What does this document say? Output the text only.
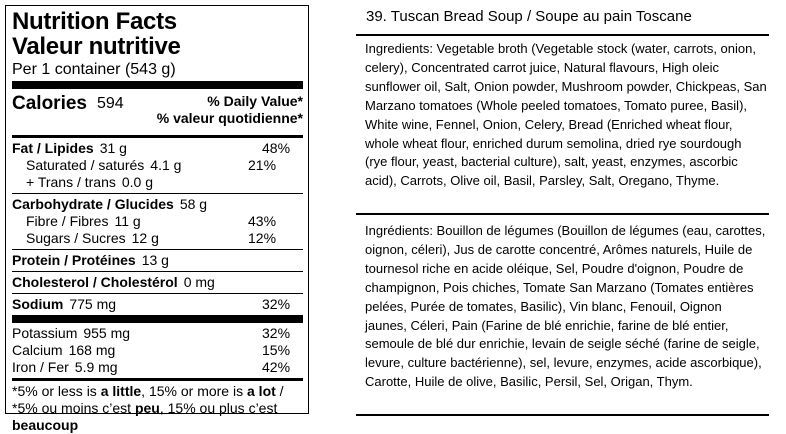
Nutrition Facts
Valeur nutritive
Per 1 container (543 g)
Calories 594	% Daily Value*
% valeur quotidienne*
Fat / Lipides 31 g	48%
Saturated / saturés 4.1 g	21%
+ Trans / trans 0.0 g
Carbohydrate / Glucides 58 g
Fibre / Fibres 11 g	43%
Sugars / Sucres 12 g	12%
Protein / Protéines 13 g
Cholesterol / Cholestérol 0 mg
Sodium 775 mg	32%
Potassium 955 mg	32%
Calcium 168 mg	15%
Iron / Fer 5.9 mg	42%
*5% or less is a little, 15% or more is a lot / *5% ou moins c’est peu, 15% ou plus c’est beaucoup
39. Tuscan Bread Soup / Soupe au pain Toscane
Ingredients: Vegetable broth (Vegetable stock (water, carrots, onion, celery), Concentrated carrot juice, Natural flavours, High oleic sunflower oil, Salt, Onion powder, Mushroom powder, Chickpeas, San Marzano tomatoes (Whole peeled tomatoes, Tomato puree, Basil), White wine, Fennel, Onion, Celery, Bread (Enriched wheat flour, whole wheat flour, enriched durum semolina, dried rye sourdough (rye flour, yeast, bacterial culture), salt, yeast, enzymes, ascorbic acid), Carrots, Olive oil, Basil, Parsley, Salt, Oregano, Thyme.
Ingrédients: Bouillon de légumes (Bouillon de légumes (eau, carottes, oignon, céleri), Jus de carotte concentré, Arômes naturels, Huile de tournesol riche en acide oléique, Sel, Poudre d'oignon, Poudre de champignon, Pois chiches, Tomate San Marzano (Tomates entières pelées, Purée de tomates, Basilic), Vin blanc, Fenouil, Oignon jaunes, Céleri, Pain (Farine de blé enrichie, farine de blé entier, semoule de blé dur enrichie, levain de seigle séché (farine de seigle, levure, culture bactérienne), sel, levure, enzymes, acide ascorbique), Carotte, Huile de olive, Basilic, Persil, Sel, Origan, Thym.
